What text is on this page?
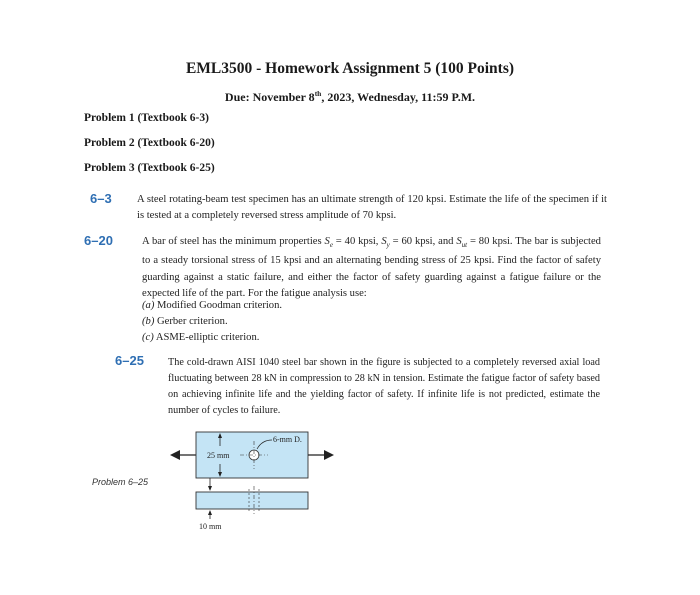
EML3500 - Homework Assignment 5 (100 Points)
Due: November 8th, 2023, Wednesday, 11:59 P.M.
Problem 1 (Textbook 6-3)
Problem 2 (Textbook 6-20)
Problem 3 (Textbook 6-25)
6–3 A steel rotating-beam test specimen has an ultimate strength of 120 kpsi. Estimate the life of the specimen if it is tested at a completely reversed stress amplitude of 70 kpsi.
6–20	A bar of steel has the minimum properties $S_e = 40$ kpsi, $S_y = 60$ kpsi, and $S_{ut} = 80$ kpsi. The bar is subjected to a steady torsional stress of 15 kpsi and an alternating bending stress of 25 kpsi. Find the factor of safety guarding against a static failure, and either the factor of safety guarding against a fatigue failure or the expected life of the part. For the fatigue analysis use:
(a) Modified Goodman criterion.
(b) Gerber criterion.
(c) ASME-elliptic criterion.
6–25 The cold-drawn AISI 1040 steel bar shown in the figure is subjected to a completely reversed axial load fluctuating between 28 kN in compression to 28 kN in tension. Estimate the fatigue factor of safety based on achieving infinite life and the yielding factor of safety. If infinite life is not predicted, estimate the number of cycles to failure.
Problem 6–25
25 mm
6-mm D.
10 mm
